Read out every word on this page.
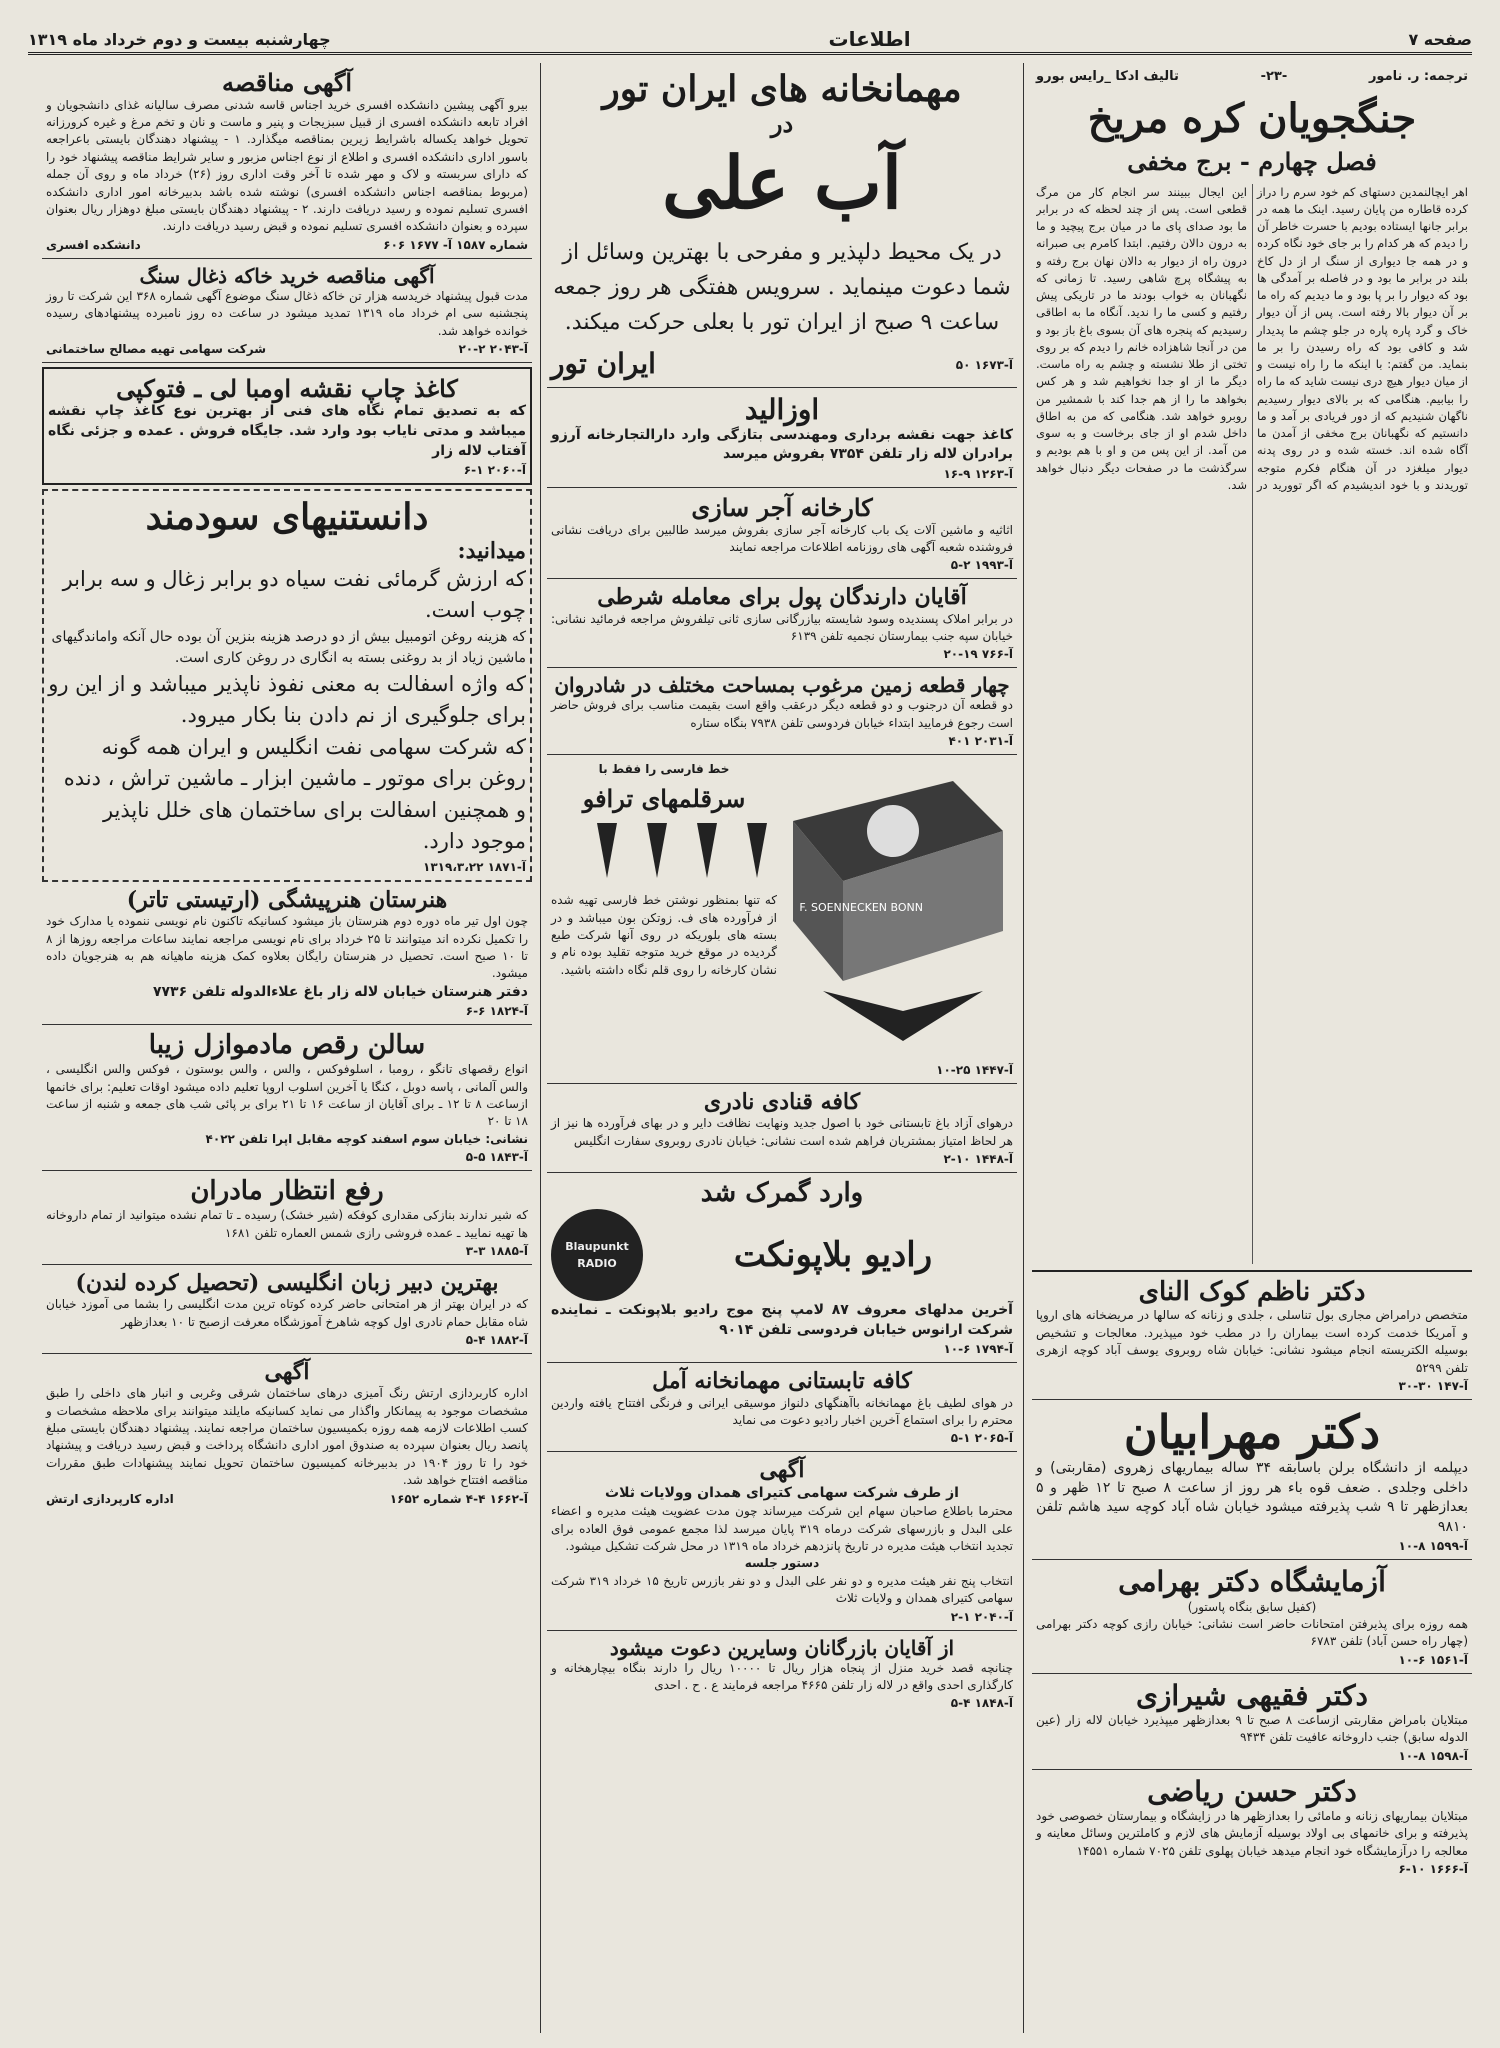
صفحه ۷
اطلاعات
چهارشنبه بیست و دوم خرداد ماه ۱۳۱۹
ترجمه: ر. نامور
-۲۳-
تالیف ادکا _رایس بورو
جنگجویان کره مریخ
فصل چهارم - برج مخفی
اهر ایچالنمدین دستهای کم خود سرم را دراز کرده قاطاره من پایان رسید. اینک ما همه در برابر جانها ایستاده بودیم با حسرت خاطر آن را دیدم که هر کدام را بر جای خود نگاه کرده و در همه جا دیواری از سنگ ار از دل کاخ بلند در برابر ما بود و در فاصله بر آمدگی ها بود که دیوار را بر پا بود و ما دیدیم که راه ما بر آن دیوار بالا رفته است. پس از آن دیوار خاک و گرد پاره پاره در جلو چشم ما پدیدار شد و کافی بود که راه رسیدن را بر ما بنماید. من گفتم: با اینکه ما را راه نیست و از میان دیوار هیچ دری نیست شاید که ما راه را بیابیم. هنگامی که بر بالای دیوار رسیدیم ناگهان شنیدیم که از دور فریادی بر آمد و ما دانستیم که نگهبانان برج مخفی از آمدن ما آگاه شده اند. خسته شده و در روی پدنه دیوار میلغزد در آن هنگام فکرم متوجه توریدند و با خود اندیشیدم که اگر توورید در این ایجال ببینند سر انجام کار من مرگ قطعی است. پس از چند لحظه که در برابر ما بود صدای پای ما در میان برج پیچید و ما به درون دالان رفتیم. ابتدا کامرم بی صبرانه درون راه از دیوار به دالان نهان برج رفته و به پیشگاه پرچ شاهی رسید. تا زمانی که نگهبانان به خواب بودند ما در تاریکی پیش رفتیم و کسی ما را ندید. آنگاه ما به اطاقی رسیدیم که پنجره های آن بسوی باغ باز بود و من در آنجا شاهزاده خانم را دیدم که بر روی تختی از طلا نشسته و چشم به راه ماست. دیگر ما از او جدا نخواهیم شد و هر کس بخواهد ما را از هم جدا کند با شمشیر من روبرو خواهد شد. هنگامی که من به اطاق داخل شدم او از جای برخاست و به سوی من آمد. از این پس من و او با هم بودیم و سرگذشت ما در صفحات دیگر دنبال خواهد شد.
دکتر ناظم کوک النای
متخصص درامراض مجاری بول تناسلی ، جلدی و زنانه که سالها در مریضخانه های اروپا و آمریکا خدمت کرده است بیماران را در مطب خود میپذیرد. معالجات و تشخیص بوسیله الکتریسته انجام میشود نشانی: خیابان شاه روبروی یوسف آباد کوچه ازهری تلفن ۵۲۹۹
آ-۱۴۷ ۳۰-۳۰
دکتر مهرابیان
دیپلمه از دانشگاه برلن باسابقه ۳۴ ساله بیماریهای زهروی (مقاربتی) و داخلی وجلدی . ضعف قوه باء هر روز از ساعت ۸ صبح تا ۱۲ ظهر و ۵ بعدازظهر تا ۹ شب پذیرفته میشود خیابان شاه آباد کوچه سید هاشم تلفن ۹۸۱۰
آ-۱۵۹۹ ۸-۱۰
آزمایشگاه دکتر بهرامی
(کفیل سابق بنگاه پاستور)
همه روزه برای پذیرفتن امتحانات حاضر است نشانی: خیابان رازی کوچه دکتر بهرامی (چهار راه حسن آباد) تلفن ۶۷۸۳
آ-۱۵۶۱ ۶-۱۰
دکتر فقیهی شیرازی
مبتلایان بامراض مقاربتی ازساعت ۸ صبح تا ۹ بعدازظهر میپذیرد خیابان لاله زار (عین الدوله سابق) جنب داروخانه عافیت تلفن ۹۴۳۴
آ-۱۵۹۸ ۸-۱۰
دکتر حسن ریاضی
مبتلایان بیماریهای زنانه و مامائی را بعدازظهر ها در زایشگاه و بیمارستان خصوصی خود پذیرفته و برای خانمهای بی اولاد بوسیله آزمایش های لازم و کاملترین وسائل معاینه و معالجه را درآزمایشگاه خود انجام میدهد خیابان پهلوی تلفن ۷۰۲۵ شماره ۱۴۵۵۱
آ-۱۶۶۶ ۱۰-۶
مهمانخانه های ایران تور
در
آب علی
در یک محیط دلپذیر و مفرحی با بهترین وسائل از شما دعوت مینماید . سرویس هفتگی هر روز جمعه ساعت ۹ صبح از ایران تور با بعلی حرکت میکند.
آ-۱۶۷۳ ۵۰
ایران تور
اوزالید
کاغذ جهت نقشه برداری ومهندسی بتازگی وارد دارالتجارخانه آرزو برادران لاله زار تلفن ۷۳۵۴ بفروش میرسد
آ-۱۲۶۳ ۹-۱۶
کارخانه آجر سازی
اثاثیه و ماشین آلات یک باب کارخانه آجر سازی بفروش میرسد طالبین برای دریافت نشانی فروشنده شعبه آگهی های روزنامه اطلاعات مراجعه نمایند
آ-۱۹۹۳ ۲-۵
آقایان دارندگان پول برای معامله شرطی
در برابر املاک پسندیده وسود شایسته بیازرگانی سازی ثانی تیلفروش مراجعه فرمائید نشانی: خیابان سپه جنب بیمارستان نجمیه تلفن ۶۱۳۹
آ-۷۶۶ ۱۹-۲۰
چهار قطعه زمین مرغوب بمساحت مختلف در شادروان
دو قطعه آن درجنوب و دو قطعه دیگر درعقب واقع است بقیمت مناسب برای فروش حاضر است رجوع فرمایید ابتداء خیابان فردوسی تلفن ۷۹۳۸ بنگاه ستاره
آ-۲۰۳۱ ۴۰۱
F. SOENNECKEN BONN
خط فارسی را فقط با
سرقلمهای ترافو
که تنها بمنظور نوشتن خط فارسی تهیه شده از فرآورده های ف. زوتکن بون میباشد و در بسته های بلوریکه در روی آنها شرکت طبع گردیده در موقع خرید متوجه تقلید بوده نام و نشان کارخانه را روی قلم نگاه داشته باشید.
آ-۱۴۴۷ ۲۵-۱۰
کافه قنادی نادری
درهوای آزاد باغ تابستانی خود با اصول جدید ونهایت نظافت دایر و در بهای فرآورده ها نیز از هر لحاظ امتیاز بمشتریان فراهم شده است نشانی: خیابان نادری روبروی سفارت انگلیس
آ-۱۴۴۸ ۱۰-۲
وارد گمرک شد
رادیو بلاپونکت
Blaupunkt
RADIO
آخرین مدلهای معروف ۸۷ لامپ پنج موج رادیو بلاپونکت ـ نماینده شرکت ارانوس خیابان فردوسی تلفن ۹۰۱۴
آ-۱۷۹۴ ۶-۱۰
کافه تابستانی مهمانخانه آمل
در هوای لطیف باغ مهمانخانه باآهنگهای دلنواز موسیقی ایرانی و فرنگی افتتاح یافته واردین محترم را برای استماع آخرین اخبار رادیو دعوت می نماید
آ-۲۰۶۵ ۱-۵
آگهی
از طرف شرکت سهامی کتیرای همدان وولایات ثلاث
محترما باطلاع صاحبان سهام این شرکت میرساند چون مدت عضویت هیئت مدیره و اعضاء علی البدل و بازرسهای شرکت درماه ۳۱۹ پایان میرسد لذا مجمع عمومی فوق العاده برای تجدید انتخاب هیئت مدیره در تاریخ پانزدهم خرداد ماه ۱۳۱۹ در محل شرکت تشکیل میشود.
دستور جلسه
انتخاب پنج نفر هیئت مدیره و دو نفر علی البدل و دو نفر بازرس تاریخ ۱۵ خرداد ۳۱۹ شرکت سهامی کتیرای همدان و ولایات ثلاث
آ-۲۰۴۰ ۱-۲
از آقایان بازرگانان وسایرین دعوت میشود
چنانچه قصد خرید منزل از پنجاه هزار ریال تا ۱۰۰۰۰ ریال را دارند بنگاه بیچارهخانه و کارگذاری احدی واقع در لاله زار تلفن ۴۶۶۵ مراجعه فرمایند ع . ح . احدی
آ-۱۸۴۸ ۴-۵
آگهی مناقصه
بیرو آگهی پیشین دانشکده افسری خرید اجناس قاسه شدنی مصرف سالیانه غذای دانشجویان و افراد تابعه دانشکده افسری از قبیل سبزیجات و پنیر و ماست و نان و تخم مرغ و غیره کرورزانه تحویل خواهد یکساله باشرایط زیرین بمناقصه میگذارد. ۱ - پیشنهاد دهندگان بایستی باعراجعه باسور اداری دانشکده افسری و اطلاع از نوع اجناس مزبور و سایر شرایط مناقصه پیشنهاد خود را که دارای سربسته و لاک و مهر شده تا آخر وقت اداری روز (۲۶) خرداد ماه و روی آن جمله (مربوط بمناقصه اجناس دانشکده افسری) نوشته شده باشد بدبیرخانه امور اداری دانشکده افسری تسلیم نموده و رسید دریافت دارند. ۲ - پیشنهاد دهندگان بایستی مبلغ دوهزار ریال بعنوان سپرده و بعنوان دانشکده افسری تسلیم نموده و قبض رسید دریافت دارند.
شماره ۱۵۸۷ آ- ۱۶۷۷ ۶۰۶
دانشکده افسری
آگهی مناقصه خرید خاکه ذغال سنگ
مدت قبول پیشنهاد خریدسه هزار تن خاکه ذغال سنگ موضوع آگهی شماره ۳۶۸ این شرکت تا روز پنجشنبه سی ام خرداد ماه ۱۳۱۹ تمدید میشود در ساعت ده روز نامبرده پیشنهادهای رسیده خوانده خواهد شد.
آ-۲۰۴۳ ۲-۲۰
شرکت سهامی تهیه مصالح ساختمانی
کاغذ چاپ نقشه اومبا لی ـ فتوکپی
که به تصدیق تمام نگاه های فنی از بهترین نوع کاغذ چاپ نقشه میباشد و مدتی نایاب بود وارد شد. جایگاه فروش . عمده و جزئی نگاه آفتاب لاله زار
آ-۲۰۶۰ ۱-۶
دانستنیهای سودمند
میدانید:
که ارزش گرمائی نفت سیاه دو برابر زغال و سه برابر چوب است.
که هزینه روغن اتومبیل بیش از دو درصد هزینه بنزین آن بوده حال آنکه واماندگیهای ماشین زیاد از بد روغنی بسته به انگاری در روغن کاری است.
که واژه اسفالت به معنی نفوذ ناپذیر میباشد و از این رو برای جلوگیری از نم دادن بنا بکار میرود.
که شرکت سهامی نفت انگلیس و ایران همه گونه روغن برای موتور ـ ماشین ابزار ـ ماشین تراش ، دنده و همچنین اسفالت برای ساختمان های خلل ناپذیر موجود دارد.
آ-۱۸۷۱ ۱۳۱۹،۳،۲۲
هنرستان هنرپیشگی (ارتیستی تاتر)
چون اول تیر ماه دوره دوم هنرستان باز میشود کسانیکه تاکنون نام نویسی ننموده یا مدارک خود را تکمیل نکرده اند میتوانند تا ۲۵ خرداد برای نام نویسی مراجعه نمایند ساعات مراجعه روزها از ۸ تا ۱۰ صبح است. تحصیل در هنرستان رایگان بعلاوه کمک هزینه ماهیانه هم به هنرجویان داده میشود.
دفتر هنرستان خیابان لاله زار باغ علاءالدوله تلفن ۷۷۳۶
آ-۱۸۲۴ ۶-۶
سالن رقص مادموازل زیبا
انواع رقصهای تانگو ، رومبا ، اسلوفوکس ، والس ، والس بوستون ، فوکس والس انگلیسی ، والس آلمانی ، پاسه دوبل ، کنگا یا آخرین اسلوب اروپا تعلیم داده میشود اوقات تعلیم: برای خانمها ازساعت ۸ تا ۱۲ ـ برای آقایان از ساعت ۱۶ تا ۲۱ برای بر پائی شب های جمعه و شنبه از ساعت ۱۸ تا ۲۰
نشانی: خیابان سوم اسفند کوچه مقابل اپرا تلفن ۴۰۲۲
آ-۱۸۴۳ ۵-۵
رفع انتظار مادران
که شیر ندارند بنازکی مقداری کوفکه (شیر خشک) رسیده ـ تا تمام نشده میتوانید از تمام داروخانه ها تهیه نمایید ـ عمده فروشی رازی شمس العماره تلفن ۱۶۸۱
آ-۱۸۸۵ ۳-۳
بهترین دبیر زبان انگلیسی (تحصیل کرده لندن)
که در ایران بهتر از هر امتحانی حاضر کرده کوتاه ترین مدت انگلیسی را بشما می آموزد خیابان شاه مقابل حمام نادری اول کوچه شاهرخ آموزشگاه معرفت ازصبح تا ۱۰ بعدازظهر
آ-۱۸۸۲ ۴-۵
آگهی
اداره کاربردازی ارتش رنگ آمیزی درهای ساختمان شرقی وغربی و انبار های داخلی را طبق مشخصات موجود به پیمانکار واگذار می نماید کسانیکه مایلند میتوانند برای ملاحظه مشخصات و کسب اطلاعات لازمه همه روزه بکمیسیون ساختمان مراجعه نمایند. پیشنهاد دهندگان بایستی مبلغ پانصد ریال بعنوان سپرده به صندوق امور اداری دانشگاه پرداخت و قبض رسید دریافت و پیشنهاد خود را تا روز ۱۹۰۴ در بدبیرخانه کمیسیون ساختمان تحویل نمایند پیشنهادات طبق مقررات مناقصه افتتاح خواهد شد.
آ-۱۶۶۲ ۴-۴ شماره ۱۶۵۲
اداره کارپردازی ارتش
